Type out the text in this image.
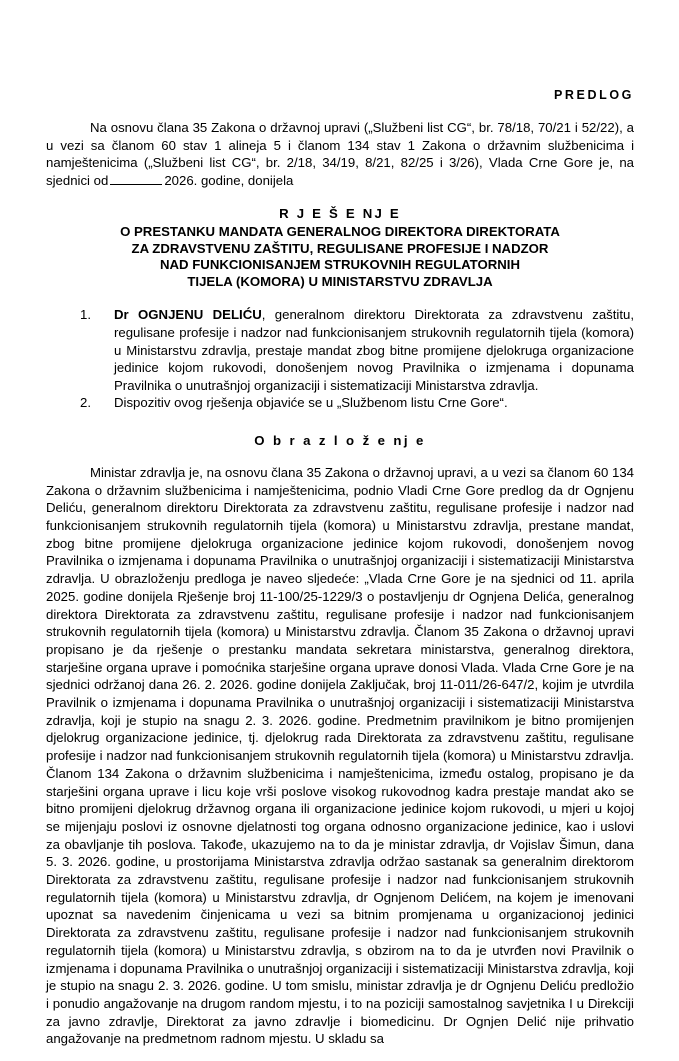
PREDLOG

Na osnovu člana 35 Zakona o državnoj upravi („Službeni list CG“, br. 78/18, 70/21 i 52/22), a u vezi sa članom 60 stav 1 alineja 5 i članom 134 stav 1 Zakona o državnim službenicima i namještenicima („Službeni list CG“, br. 2/18, 34/19, 8/21, 82/25 i 3/26), Vlada Crne Gore je, na sjednici od	2026. godine, donijela

R J E Š E NJ E
O PRESTANKU MANDATA GENERALNOG DIREKTORA DIREKTORATA
ZA ZDRAVSTVENU ZAŠTITU, REGULISANE PROFESIJE I NADZOR
NAD FUNKCIONISANJEM STRUKOVNIH REGULATORNIH
TIJELA (KOMORA) U MINISTARSTVU ZDRAVLJA
Dr OGNJENU DELIĆU, generalnom direktoru Direktorata za zdravstvenu zaštitu, regulisane profesije i nadzor nad funkcionisanjem strukovnih regulatornih tijela (komora) u Ministarstvu zdravlja, prestaje mandat zbog bitne promijene djelokruga organizacione jedinice kojom rukovodi, donošenjem novog Pravilnika o izmjenama i dopunama Pravilnika o unutrašnjoj organizaciji i sistematizaciji Ministarstva zdravlja.
Dispozitiv ovog rješenja objaviće se u „Službenom listu Crne Gore“.
O b r a z l o ž e nj e

Ministar zdravlja je, na osnovu člana 35 Zakona o državnoj upravi, a u vezi sa članom 60 134 Zakona o državnim službenicima i namještenicima, podnio Vladi Crne Gore predlog da dr Ognjenu Deliću, generalnom direktoru Direktorata za zdravstvenu zaštitu, regulisane profesije i nadzor nad funkcionisanjem strukovnih regulatornih tijela (komora) u Ministarstvu zdravlja, prestane mandat, zbog bitne promijene djelokruga organizacione jedinice kojom rukovodi, donošenjem novog Pravilnika o izmjenama i dopunama Pravilnika o unutrašnjoj organizaciji i sistematizaciji Ministarstva zdravlja. U obrazloženju predloga je naveo sljedeće: „Vlada Crne Gore je na sjednici od 11. aprila 2025. godine donijela Rješenje broj 11-100/25-1229/3 o postavljenju dr Ognjena Delića, generalnog direktora Direktorata za zdravstvenu zaštitu, regulisane profesije i nadzor nad funkcionisanjem strukovnih regulatornih tijela (komora) u Ministarstvu zdravlja. Članom 35 Zakona o državnoj upravi propisano je da rješenje o prestanku mandata sekretara ministarstva, generalnog direktora, starješine organa uprave i pomoćnika starješine organa uprave donosi Vlada. Vlada Crne Gore je na sjednici održanoj dana 26. 2. 2026. godine donijela Zaključak, broj 11-011/26-647/2, kojim je utvrdila Pravilnik o izmjenama i dopunama Pravilnika o unutrašnjoj organizaciji i sistematizaciji Ministarstva zdravlja, koji je stupio na snagu 2. 3. 2026. godine. Predmetnim pravilnikom je bitno promijenjen djelokrug organizacione jedinice, tj. djelokrug rada Direktorata za zdravstvenu zaštitu, regulisane profesije i nadzor nad funkcionisanjem strukovnih regulatornih tijela (komora) u Ministarstvu zdravlja. Članom 134 Zakona o državnim službenicima i namještenicima, između ostalog, propisano je da starješini organa uprave i licu koje vrši poslove visokog rukovodnog kadra prestaje mandat ako se bitno promijeni djelokrug državnog organa ili organizacione jedinice kojom rukovodi, u mjeri u kojoj se mijenjaju poslovi iz osnovne djelatnosti tog organa odnosno organizacione jedinice, kao i uslovi za obavljanje tih poslova. Takođe, ukazujemo na to da je ministar zdravlja, dr Vojislav Šimun, dana 5. 3. 2026. godine, u prostorijama Ministarstva zdravlja održao sastanak sa generalnim direktorom Direktorata za zdravstvenu zaštitu, regulisane profesije i nadzor nad funkcionisanjem strukovnih regulatornih tijela (komora) u Ministarstvu zdravlja, dr Ognjenom Delićem, na kojem je imenovani upoznat sa navedenim činjenicama u vezi sa bitnim promjenama u organizacionoj jedinici Direktorata za zdravstvenu zaštitu, regulisane profesije i nadzor nad funkcionisanjem strukovnih regulatornih tijela (komora) u Ministarstvu zdravlja, s obzirom na to da je utvrđen novi Pravilnik o izmjenama i dopunama Pravilnika o unutrašnjoj organizaciji i sistematizaciji Ministarstva zdravlja, koji je stupio na snagu 2. 3. 2026. godine. U tom smislu, ministar zdravlja je dr Ognjenu Deliću predložio i ponudio angažovanje na drugom random mjestu, i to na poziciji samostalnog savjetnika I u Direkciji za javno zdravlje, Direktorat za javno zdravlje i biomedicinu. Dr Ognjen Delić nije prihvatio angažovanje na predmetnom radnom mjestu. U skladu sa
